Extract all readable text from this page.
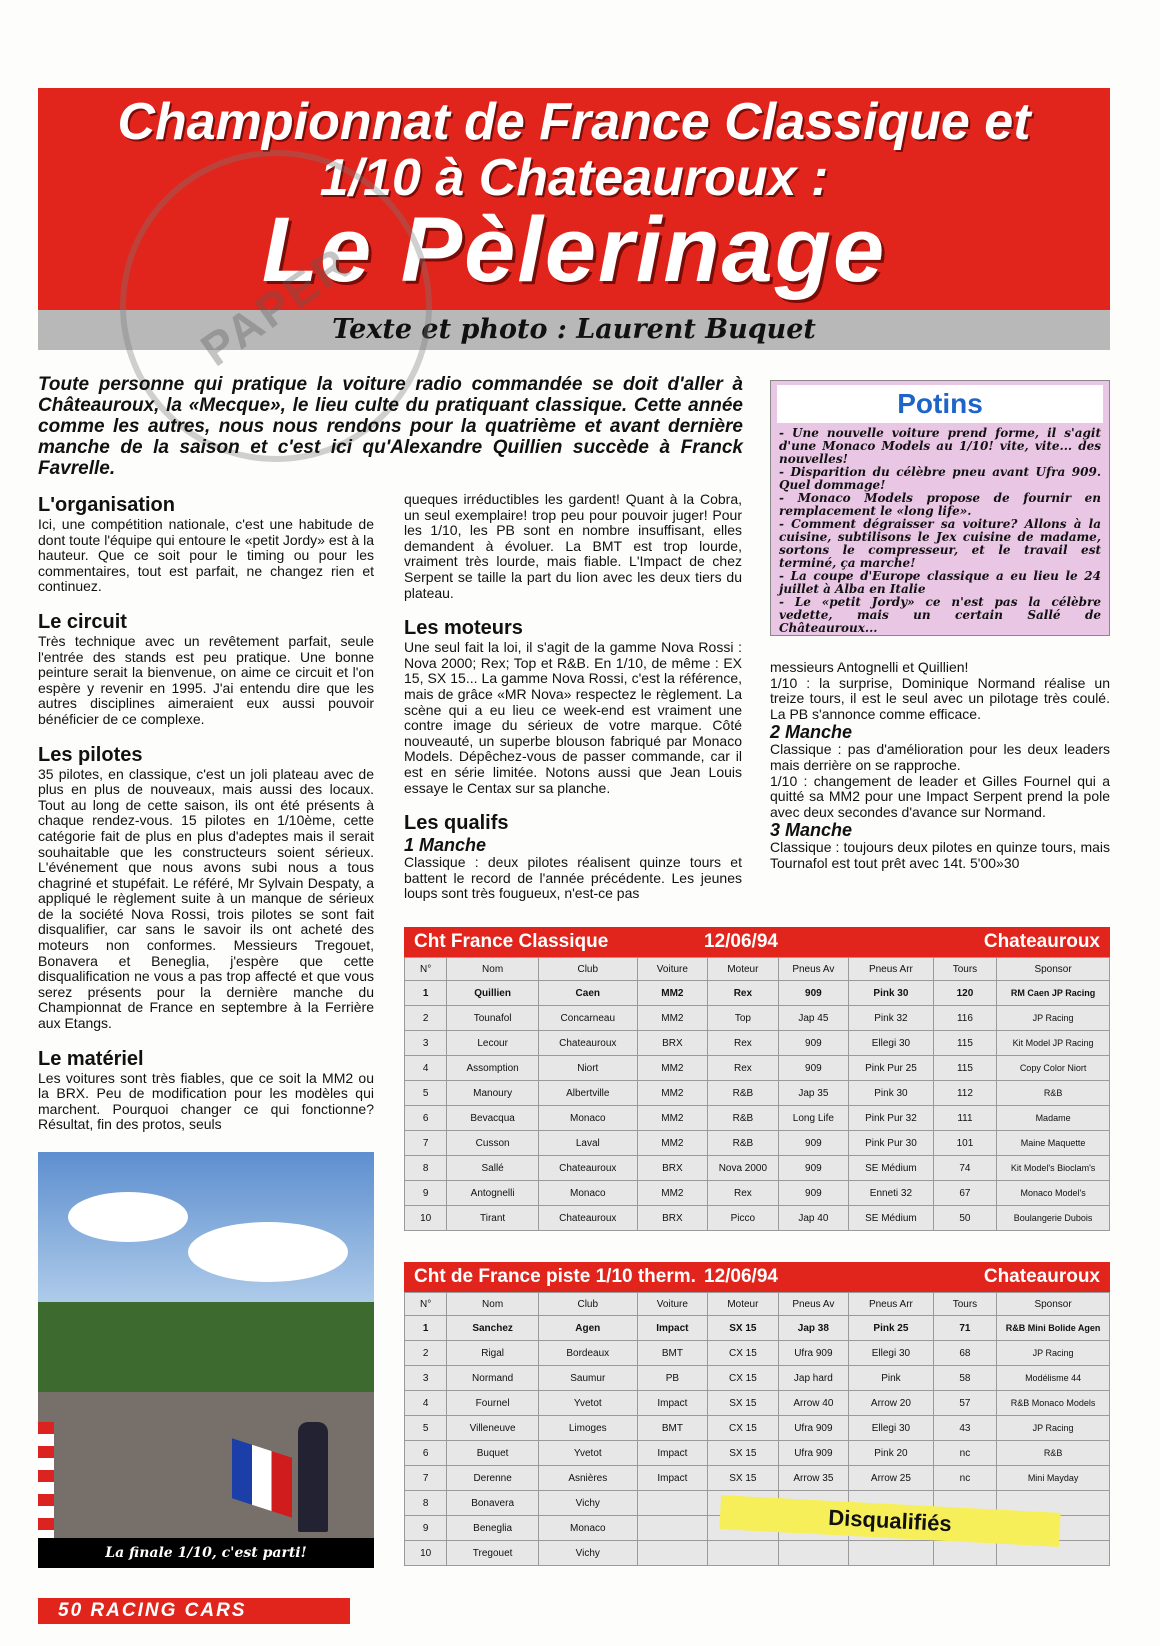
Championnat de France Classique et
1/10 à Chateauroux :
Le Pèlerinage
Texte et photo : Laurent Buquet
PAPER
Toute personne qui pratique la voiture radio commandée se doit d'aller à Châteauroux, la «Mecque», le lieu culte du pratiquant classique. Cette année comme les autres, nous nous rendons pour la quatrième et avant dernière manche de la saison et c'est ici qu'Alexandre Quillien succède à Franck Favrelle.
L'organisation

Ici, une compétition nationale, c'est une habitude de dont toute l'équipe qui entoure le «petit Jordy» est à la hauteur. Que ce soit pour le timing ou pour les commentaires, tout est parfait, ne changez rien et continuez.

Le circuit

Très technique avec un revêtement parfait, seule l'entrée des stands est peu pratique. Une bonne peinture serait la bienvenue, on aime ce circuit et l'on espère y revenir en 1995. J'ai entendu dire que les autres disciplines aimeraient eux aussi pouvoir bénéficier de ce complexe.

Les pilotes

35 pilotes, en classique, c'est un joli plateau avec de plus en plus de nouveaux, mais aussi des locaux. Tout au long de cette saison, ils ont été présents à chaque rendez-vous. 15 pilotes en 1/10ème, cette catégorie fait de plus en plus d'adeptes mais il serait souhaitable que les constructeurs soient sérieux. L'événement que nous avons subi nous a tous chagriné et stupéfait. Le référé, Mr Sylvain Despaty, a appliqué le règlement suite à un manque de sérieux de la société Nova Rossi, trois pilotes se sont fait disqualifier, car sans le savoir ils ont acheté des moteurs non conformes. Messieurs Tregouet, Bonavera et Beneglia, j'espère que cette disqualification ne vous a pas trop affecté et que vous serez présents pour la dernière manche du Championnat de France en septembre à la Ferrière aux Etangs.

Le matériel

Les voitures sont très fiables, que ce soit la MM2 ou la BRX. Peu de modification pour les modèles qui marchent. Pourquoi changer ce qui fonctionne? Résultat, fin des protos, seuls

queques irréductibles les gardent! Quant à la Cobra, un seul exemplaire! trop peu pour pouvoir juger! Pour les 1/10, les PB sont en nombre insuffisant, elles demandent à évoluer. La BMT est trop lourde, vraiment très lourde, mais fiable. L'Impact de chez Serpent se taille la part du lion avec les deux tiers du plateau.

Les moteurs

Une seul fait la loi, il s'agit de la gamme Nova Rossi : Nova 2000; Rex; Top et R&B. En 1/10, de même : EX 15, SX 15... La gamme Nova Rossi, c'est la référence, mais de grâce «MR Nova» respectez le règlement. La scène qui a eu lieu ce week-end est vraiment une contre image du sérieux de votre marque. Côté nouveauté, un superbe blouson fabriqué par Monaco Models. Dépêchez-vous de passer commande, car il est en série limitée. Notons aussi que Jean Louis essaye le Centax sur sa planche.

Les qualifs
1 Manche

Classique : deux pilotes réalisent quinze tours et battent le record de l'année précédente. Les jeunes loups sont très fougueux, n'est-ce pas

Potins
- Une nouvelle voiture prend forme, il s'agit d'une Monaco Models au 1/10! vite, vite... des nouvelles!
- Disparition du célèbre pneu avant Ufra 909. Quel dommage!
- Monaco Models propose de fournir en remplacement le «long life».
- Comment dégraisser sa voiture? Allons à la cuisine, subtilisons le Jex cuisine de madame, sortons le compresseur, et le travail est terminé, ça marche!
- La coupe d'Europe classique a eu lieu le 24 juillet à Alba en Italie
- Le «petit Jordy» ce n'est pas la célèbre vedette, mais un certain Sallé de Châteauroux...

messieurs Antognelli et Quillien!

1/10 : la surprise, Dominique Normand réalise un treize tours, il est le seul avec un pilotage très coulé. La PB s'annonce comme efficace.

2 Manche

Classique : pas d'amélioration pour les deux leaders mais derrière on se rapproche.

1/10 : changement de leader et Gilles Fournel qui a quitté sa MM2 pour une Impact Serpent prend la pole avec deux secondes d'avance sur Normand.

3 Manche

Classique : toujours deux pilotes en quinze tours, mais Tournafol est tout prêt avec 14t. 5'00»30

La finale 1/10, c'est parti!
Cht France Classique	12/06/94	Chateauroux
N°	Nom	Club	Voiture	Moteur	Pneus Av	Pneus Arr	Tours	Sponsor
1	Quillien	Caen	MM2	Rex	909	Pink 30	120	RM Caen JP Racing
2	Tounafol	Concarneau	MM2	Top	Jap 45	Pink 32	116	JP Racing
3	Lecour	Chateauroux	BRX	Rex	909	Ellegi 30	115	Kit Model JP Racing
4	Assomption	Niort	MM2	Rex	909	Pink Pur 25	115	Copy Color Niort
5	Manoury	Albertville	MM2	R&B	Jap 35	Pink 30	112	R&B
6	Bevacqua	Monaco	MM2	R&B	Long Life	Pink Pur 32	111	Madame
7	Cusson	Laval	MM2	R&B	909	Pink Pur 30	101	Maine Maquette
8	Sallé	Chateauroux	BRX	Nova 2000	909	SE Médium	74	Kit Model's Bioclam's
9	Antognelli	Monaco	MM2	Rex	909	Enneti 32	67	Monaco Model's
10	Tirant	Chateauroux	BRX	Picco	Jap 40	SE Médium	50	Boulangerie Dubois
Cht de France piste 1/10 therm. 12/06/94	Chateauroux
N°	Nom	Club	Voiture	Moteur	Pneus Av	Pneus Arr	Tours	Sponsor
1	Sanchez	Agen	Impact	SX 15	Jap 38	Pink 25	71	R&B Mini Bolide Agen
2	Rigal	Bordeaux	BMT	CX 15	Ufra 909	Ellegi 30	68	JP Racing
3	Normand	Saumur	PB	CX 15	Jap hard	Pink	58	Modélisme 44
4	Fournel	Yvetot	Impact	SX 15	Arrow 40	Arrow 20	57	R&B Monaco Models
5	Villeneuve	Limoges	BMT	CX 15	Ufra 909	Ellegi 30	43	JP Racing
6	Buquet	Yvetot	Impact	SX 15	Ufra 909	Pink 20	nc	R&B
7	Derenne	Asnières	Impact	SX 15	Arrow 35	Arrow 25	nc	Mini Mayday
8	Bonavera	Vichy						
9	Beneglia	Monaco						
10	Tregouet	Vichy						
Disqualifiés
50 RACING CARS
